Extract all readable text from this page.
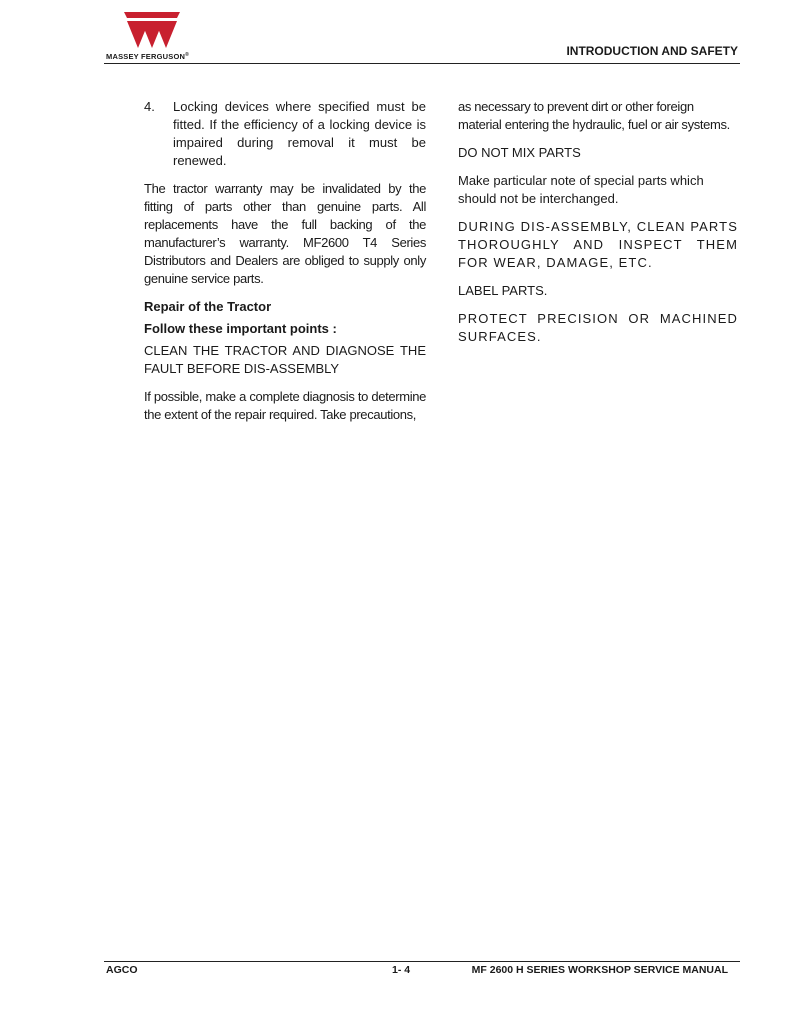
MASSEY FERGUSON®	INTRODUCTION AND SAFETY
4.	Locking devices where specified must be fitted. If the efficiency of a locking device is impaired during removal it must be renewed.

The tractor warranty may be invalidated by the fitting of parts other than genuine parts. All replacements have the full backing of the manufacturer’s warranty. MF2600 T4 Series Distributors and Dealers are obliged to supply only genuine service parts.

Repair of the Tractor

Follow these important points :

CLEAN THE TRACTOR AND DIAGNOSE THE FAULT BEFORE DIS-ASSEMBLY

If possible, make a complete diagnosis to determine the extent of the repair required. Take precautions,

as necessary to prevent dirt or other foreign material entering the hydraulic, fuel or air systems.

DO NOT MIX PARTS

Make particular note of special parts which should not be interchanged.

DURING DIS-ASSEMBLY, CLEAN PARTS THOROUGHLY AND INSPECT THEM FOR WEAR, DAMAGE, ETC.

LABEL PARTS.

PROTECT PRECISION OR MACHINED SURFACES.

AGCO	1- 4	MF 2600 H SERIES WORKSHOP SERVICE MANUAL
